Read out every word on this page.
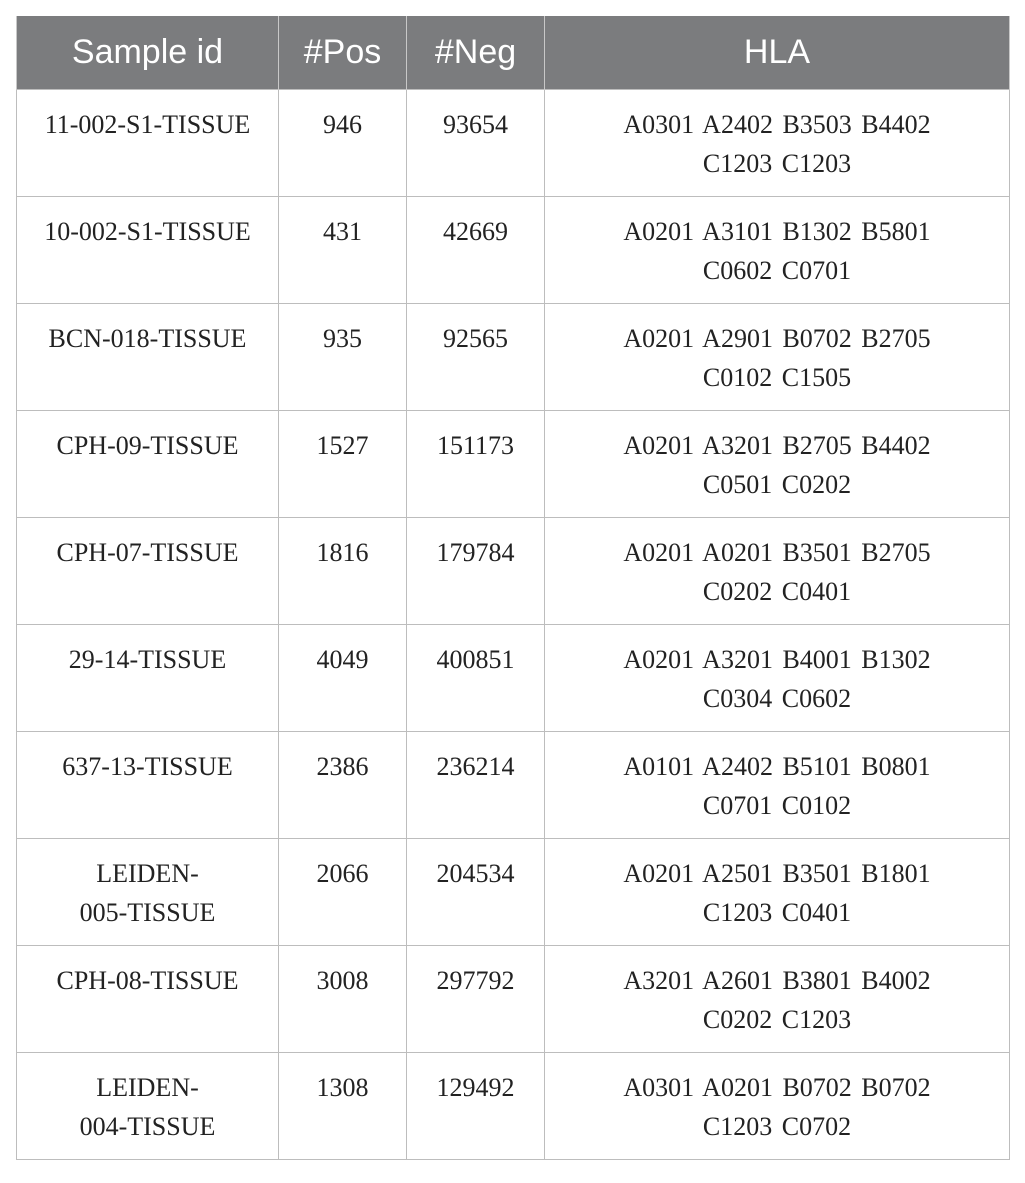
Sample id	#Pos	#Neg	HLA

11-002-S1-TISSUE	946	93654	A0301 A2402 B3503 B4402
C1203 C1203

10-002-S1-TISSUE	431	42669	A0201 A3101 B1302 B5801
C0602 C0701

BCN-018-TISSUE	935	92565	A0201 A2901 B0702 B2705
C0102 C1505

CPH-09-TISSUE	1527	151173	A0201 A3201 B2705 B4402
C0501 C0202

CPH-07-TISSUE	1816	179784	A0201 A0201 B3501 B2705
C0202 C0401

29-14-TISSUE	4049	400851	A0201 A3201 B4001 B1302
C0304 C0602

637-13-TISSUE	2386	236214	A0101 A2402 B5101 B0801
C0701 C0102

LEIDEN-
005-TISSUE	2066	204534	A0201 A2501 B3501 B1801
C1203 C0401

CPH-08-TISSUE	3008	297792	A3201 A2601 B3801 B4002
C0202 C1203

LEIDEN-
004-TISSUE	1308	129492	A0301 A0201 B0702 B0702
C1203 C0702
